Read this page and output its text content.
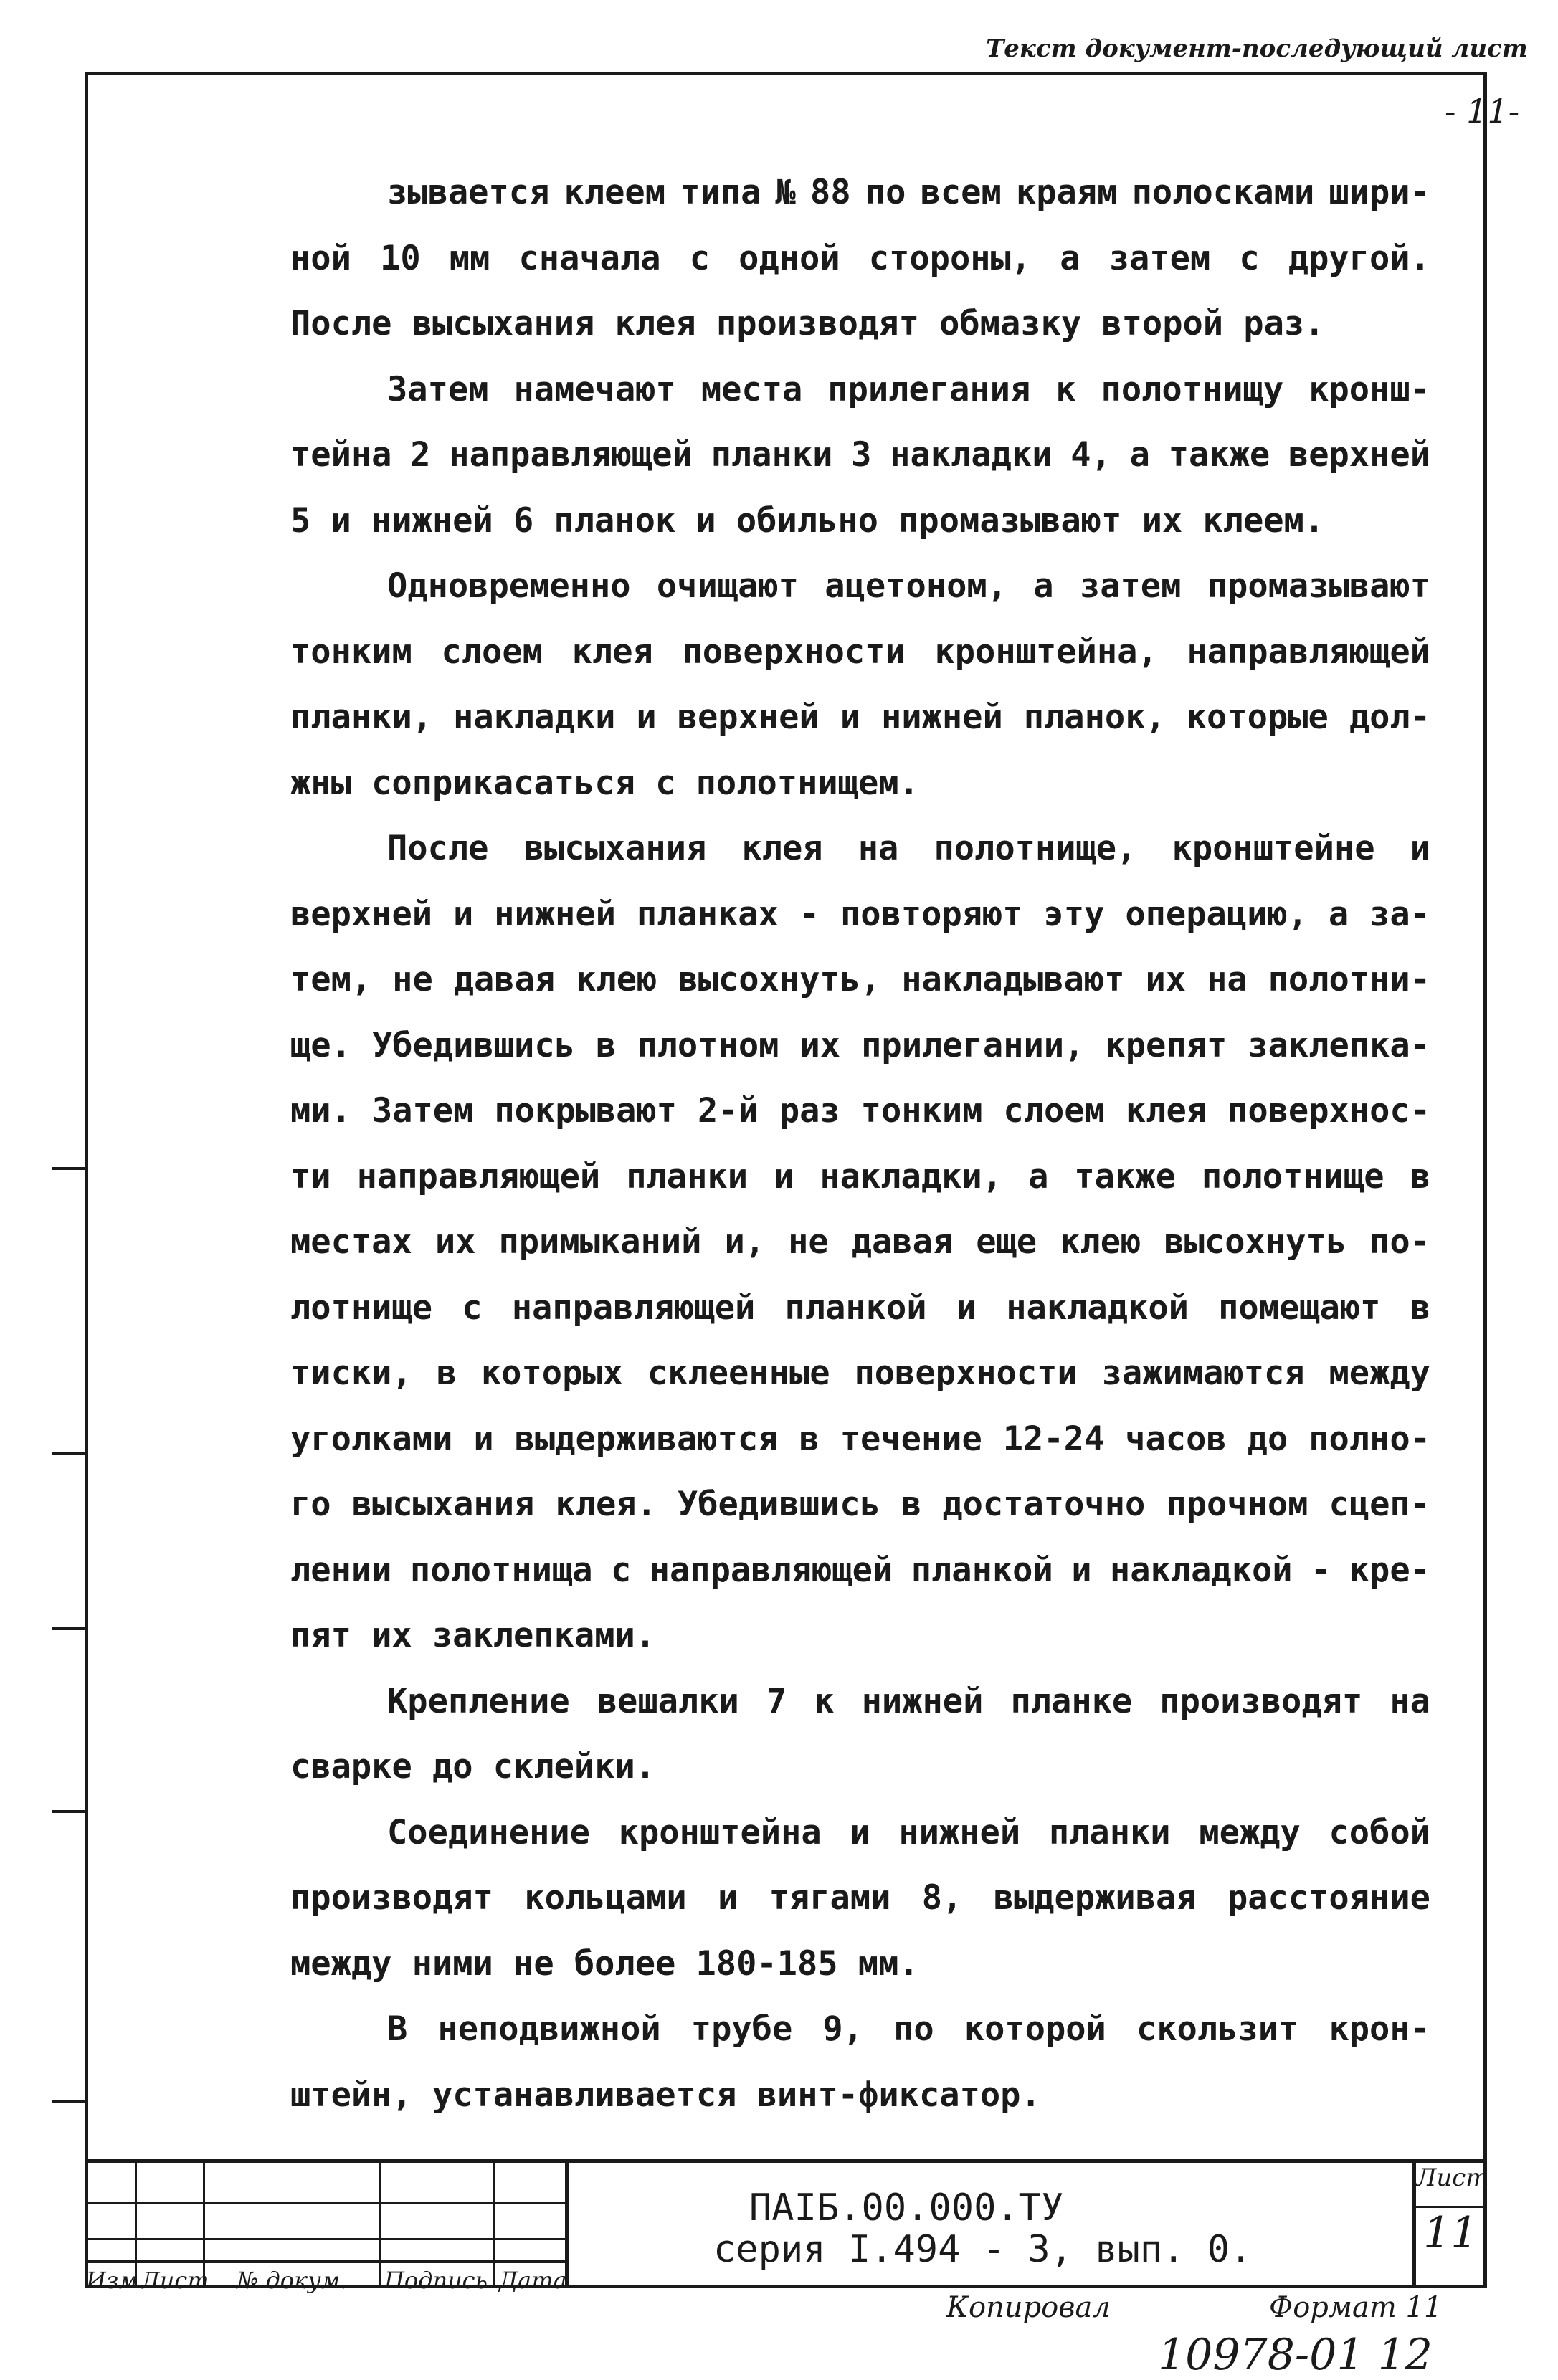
Текст документ-последующий лист
- 11-
зывается клеем типа № 88 по всем краям полосками шири-
ной 10 мм сначала с одной стороны, а затем с другой.
После высыхания клея производят обмазку второй раз.
Затем намечают места прилегания к полотнищу кронш-
тейна 2 направляющей планки 3 накладки 4, а также верхней
5 и нижней 6 планок и обильно промазывают их клеем.
Одновременно очищают ацетоном, а затем промазывают
тонким слоем клея поверхности кронштейна, направляющей
планки, накладки и верхней и нижней планок, которые дол-
жны соприкасаться с полотнищем.
После высыхания клея на полотнище, кронштейне и
верхней и нижней планках - повторяют эту операцию, а за-
тем, не давая клею высохнуть, накладывают их на полотни-
ще. Убедившись в плотном их прилегании, крепят заклепка-
ми. Затем покрывают 2-й раз тонким слоем клея поверхнос-
ти направляющей планки и накладки, а также полотнище в
местах их примыканий и, не давая еще клею высохнуть по-
лотнище с направляющей планкой и накладкой помещают в
тиски, в которых склеенные поверхности зажимаются между
уголками и выдерживаются в течение 12-24 часов до полно-
го высыхания клея. Убедившись в достаточно прочном сцеп-
лении полотнища с направляющей планкой и накладкой - кре-
пят их заклепками.
Крепление вешалки 7 к нижней планке производят на
сварке до склейки.
Соединение кронштейна и нижней планки между собой
производят кольцами и тягами 8, выдерживая расстояние
между ними не более 180-185 мм.
В неподвижной трубе 9, по которой скользит крон-
штейн, устанавливается винт-фиксатор.
Изм Лист № докум. Подпись Дата
ПАIБ.00.000.ТУ
серия I.494 - 3, вып. 0.
Лист
11
Копировал	Формат 11
10978-01 12
